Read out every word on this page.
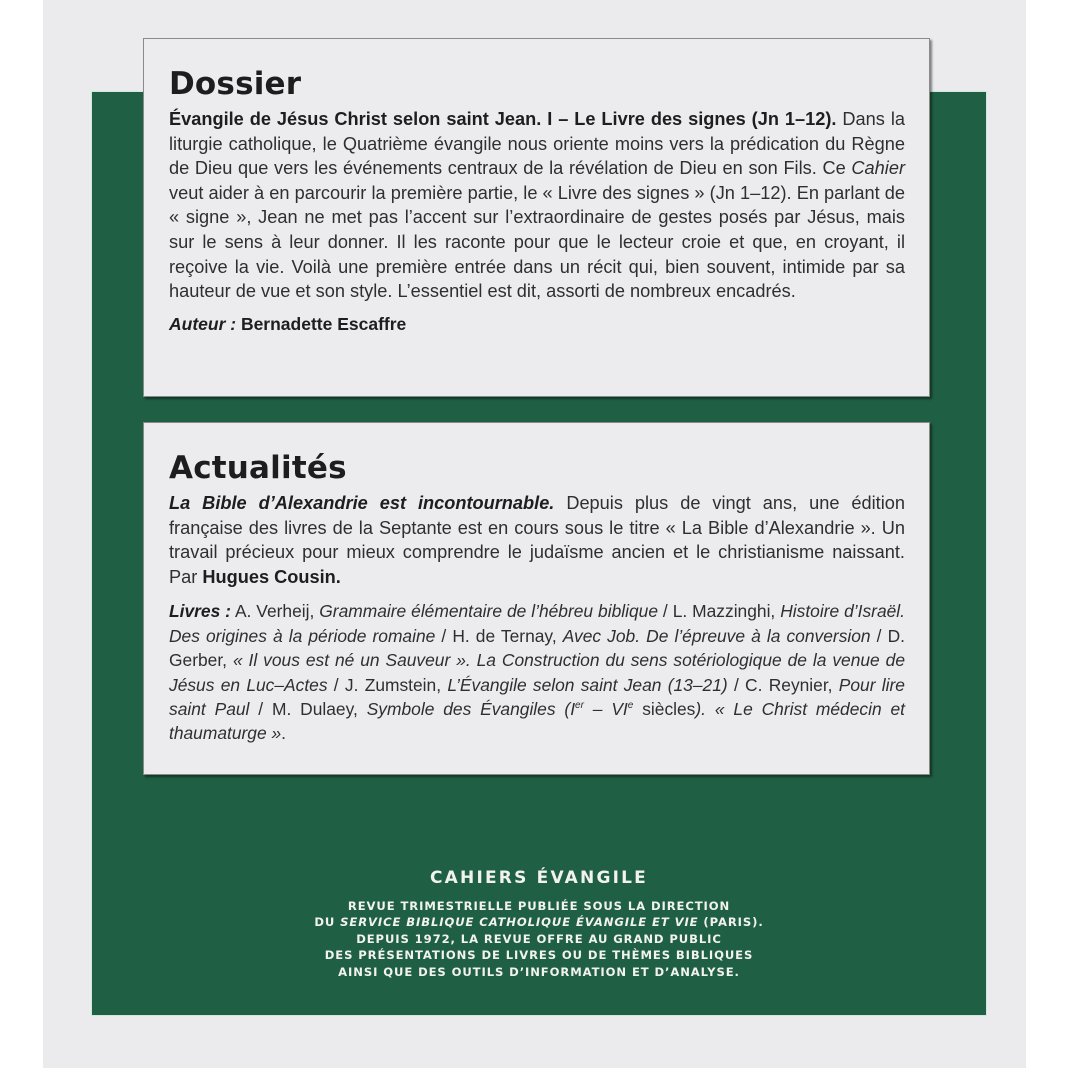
Dossier

Évangile de Jésus Christ selon saint Jean. I – Le Livre des signes (Jn 1–12). Dans la liturgie catholique, le Quatrième évangile nous oriente moins vers la prédication du Règne de Dieu que vers les événements centraux de la révélation de Dieu en son Fils. Ce Cahier veut aider à en parcourir la première partie, le « Livre des signes » (Jn 1–12). En parlant de « signe », Jean ne met pas l’accent sur l’extraordinaire de gestes posés par Jésus, mais sur le sens à leur donner. Il les raconte pour que le lecteur croie et que, en croyant, il reçoive la vie. Voilà une première entrée dans un récit qui, bien souvent, intimide par sa hauteur de vue et son style. L’essentiel est dit, assorti de nombreux encadrés.

Auteur : Bernadette Escaffre

Actualités

La Bible d’Alexandrie est incontournable. Depuis plus de vingt ans, une édition française des livres de la Septante est en cours sous le titre « La Bible d’Alexandrie ». Un travail précieux pour mieux comprendre le judaïsme ancien et le christianisme naissant. Par Hugues Cousin.

Livres : A. Verheij, Grammaire élémentaire de l’hébreu biblique / L. Mazzinghi, Histoire d’Israël. Des origines à la période romaine / H. de Ternay, Avec Job. De l’épreuve à la conversion / D. Gerber, « Il vous est né un Sauveur ». La Construction du sens sotériologique de la venue de Jésus en Luc–Actes / J. Zumstein, L’Évangile selon saint Jean (13–21) / C. Reynier, Pour lire saint Paul / M. Dulaey, Symbole des Évangiles (Ier – VIe siècles). « Le Christ médecin et thaumaturge ».

CAHIERS ÉVANGILE
REVUE TRIMESTRIELLE PUBLIÉE SOUS LA DIRECTION
DU SERVICE BIBLIQUE CATHOLIQUE ÉVANGILE ET VIE (PARIS).
DEPUIS 1972, LA REVUE OFFRE AU GRAND PUBLIC
DES PRÉSENTATIONS DE LIVRES OU DE THÈMES BIBLIQUES
AINSI QUE DES OUTILS D’INFORMATION ET D’ANALYSE.
